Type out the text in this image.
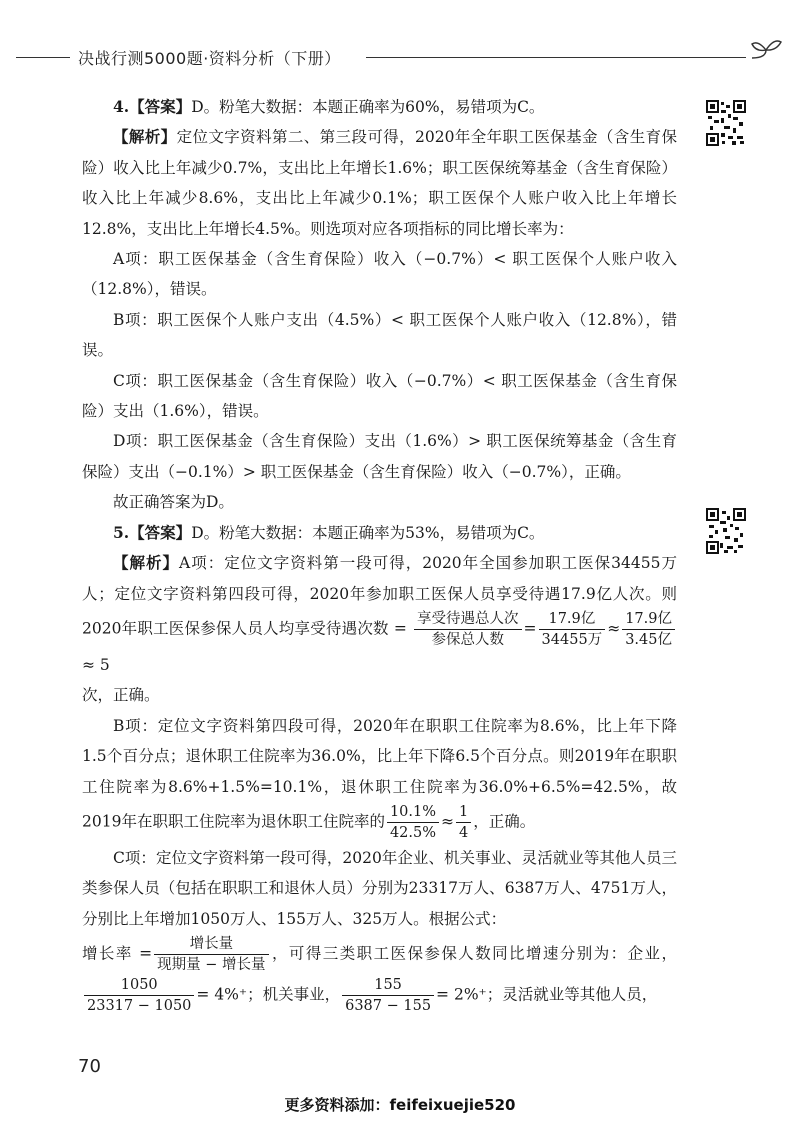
决战行测5000题·资料分析（下册）

4.【答案】D。粉笔大数据：本题正确率为60%，易错项为C。

【解析】定位文字资料第二、第三段可得，2020年全年职工医保基金（含生育保险）收入比上年减少0.7%，支出比上年增长1.6%；职工医保统筹基金（含生育保险）收入比上年减少8.6%，支出比上年减少0.1%；职工医保个人账户收入比上年增长12.8%，支出比上年增长4.5%。则选项对应各项指标的同比增长率为：

A项：职工医保基金（含生育保险）收入（−0.7%）< 职工医保个人账户收入（12.8%），错误。

B项：职工医保个人账户支出（4.5%）< 职工医保个人账户收入（12.8%），错误。

C项：职工医保基金（含生育保险）收入（−0.7%）< 职工医保基金（含生育保险）支出（1.6%），错误。

D项：职工医保基金（含生育保险）支出（1.6%）> 职工医保统筹基金（含生育保险）支出（−0.1%）> 职工医保基金（含生育保险）收入（−0.7%），正确。

故正确答案为D。

5.【答案】D。粉笔大数据：本题正确率为53%，易错项为C。

【解析】A项：定位文字资料第一段可得，2020年全国参加职工医保34455万人；定位文字资料第四段可得，2020年参加职工医保人员享受待遇17.9亿人次。则2020年职工医保参保人员人均享受待遇次数 = $\frac{\text{享受待遇总人次}}{\text{参保总人数}} = \frac{\text{17.9亿}}{\text{34455万}} \approx \frac{\text{17.9亿}}{\text{3.45亿}}$
≈ 5

次，正确。

B项：定位文字资料第四段可得，2020年在职职工住院率为8.6%，比上年下降1.5个百分点；退休职工住院率为36.0%，比上年下降6.5个百分点。则2019年在职职工住院率为8.6%+1.5%=10.1%，退休职工住院率为36.0%+6.5%=42.5%，故2019年在职职工住院率为退休职工住院率的 $\frac{10.1\%}{42.5\%} \approx \frac{1}{4}$ ，正确。

C项：定位文字资料第一段可得，2020年企业、机关事业、灵活就业等其他人员三类参保人员（包括在职职工和退休人员）分别为23317万人、6387万人、4751万人，分别比上年增加1050万人、155万人、325万人。根据公式：

增长率 = $\frac{\text{增长量}}{\text{现期量 − 增长量}}$ ，可得三类职工医保参保人数同比增速分别为：企业，
$\frac{1050}{23317 - 1050} = 4\%^+$；机关事业， $\frac{155}{6387 - 155} = 2\%^+$；灵活就业等其他人员，

70
更多资料添加：feifeixuejie520
